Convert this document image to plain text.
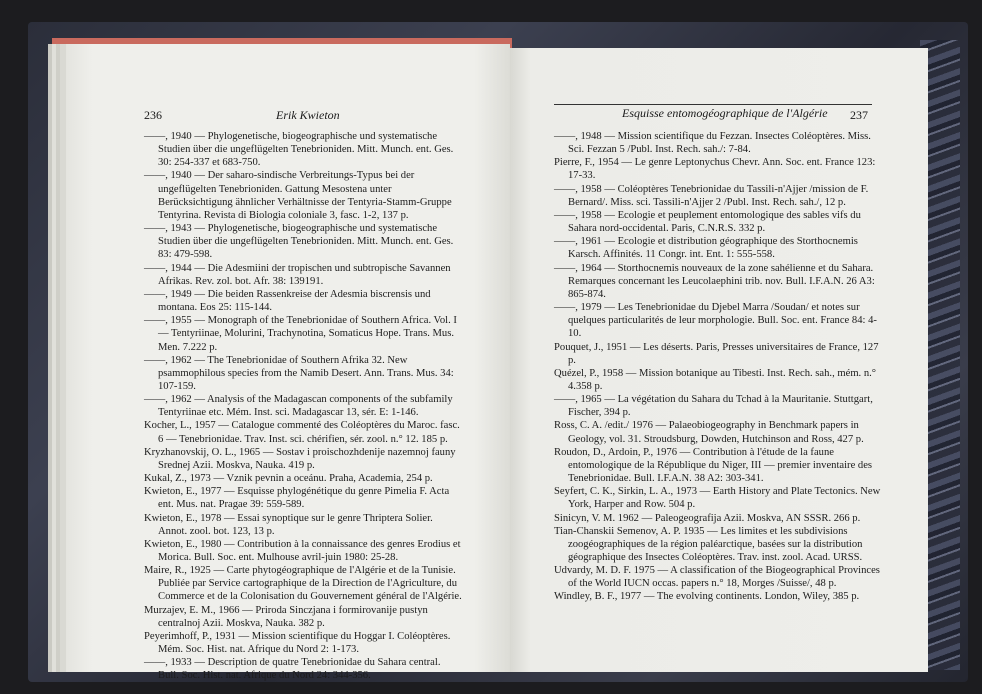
236	Erik Kwieton

——, 1940 — Phylogenetische, biogeographische und systematische Studien über die ungeflügelten Tenebrioniden. Mitt. Munch. ent. Ges. 30: 254-337 et 683-750.

——, 1940 — Der saharo-sindische Verbreitungs-Typus bei der ungeflügelten Tenebrioniden. Gattung Mesostena unter Berücksichtigung ähnlicher Verhältnisse der Tentyria-Stamm-Gruppe Tentyrina. Revista di Biologia coloniale 3, fasc. 1-2, 137 p.

——, 1943 — Phylogenetische, biogeographische und systematische Studien über die ungeflügelten Tenebrioniden. Mitt. Munch. ent. Ges. 83: 479-598.

——, 1944 — Die Adesmiini der tropischen und subtropische Savannen Afrikas. Rev. zol. bot. Afr. 38: 139191.

——, 1949 — Die beiden Rassenkreise der Adesmia biscrensis und montana. Eos 25: 115-144.

——, 1955 — Monograph of the Tenebrionidae of Southern Africa. Vol. I — Tentyriinae, Molurini, Trachynotina, Somaticus Hope. Trans. Mus. Men. 7.222 p.

——, 1962 — The Tenebrionidae of Southern Afrika 32. New psammophilous species from the Namib Desert. Ann. Trans. Mus. 34: 107-159.

——, 1962 — Analysis of the Madagascan components of the subfamily Tentyriinae etc. Mém. Inst. sci. Madagascar 13, sér. E: 1-146.

Kocher, L., 1957 — Catalogue commenté des Coléoptères du Maroc. fasc. 6 — Tenebrionidae. Trav. Inst. sci. chérifien, sér. zool. n.° 12. 185 p.

Kryzhanovskij, O. L., 1965 — Sostav i proischozhdenije nazemnoj fauny Srednej Azii. Moskva, Nauka. 419 p.

Kukal, Z., 1973 — Vznik pevnin a oceánu. Praha, Academia, 254 p.

Kwieton, E., 1977 — Esquisse phylogénétique du genre Pimelia F. Acta ent. Mus. nat. Pragae 39: 559-589.

Kwieton, E., 1978 — Essai synoptique sur le genre Thriptera Solier. Annot. zool. bot. 123, 13 p.

Kwieton, E., 1980 — Contribution à la connaissance des genres Erodius et Morica. Bull. Soc. ent. Mulhouse avril-juin 1980: 25-28.

Maire, R., 1925 — Carte phytogéographique de l'Algérie et de la Tunisie. Publiée par Service cartographique de la Direction de l'Agriculture, du Commerce et de la Colonisation du Gouvernement général de l'Algérie.

Murzajev, E. M., 1966 — Priroda Sinczjana i formirovanije pustyn centralnoj Azii. Moskva, Nauka. 382 p.

Peyerimhoff, P., 1931 — Mission scientifique du Hoggar I. Coléoptères. Mém. Soc. Hist. nat. Afrique du Nord 2: 1-173.

——, 1933 — Description de quatre Tenebrionidae du Sahara central. Bull. Soc. Hist. nat. Afrique du Nord 24: 344-356.

Esquisse entomogéographique de l'Algérie 237

——, 1948 — Mission scientifique du Fezzan. Insectes Coléoptères. Miss. Sci. Fezzan 5 /Publ. Inst. Rech. sah./: 7-84.

Pierre, F., 1954 — Le genre Leptonychus Chevr. Ann. Soc. ent. France 123: 17-33.

——, 1958 — Coléoptères Tenebrionidae du Tassili-n'Ajjer /mission de F. Bernard/. Miss. sci. Tassili-n'Ajjer 2 /Publ. Inst. Rech. sah./, 12 p.

——, 1958 — Ecologie et peuplement entomologique des sables vifs du Sahara nord-occidental. Paris, C.N.R.S. 332 p.

——, 1961 — Ecologie et distribution géographique des Storthocnemis Karsch. Affinités. 11 Congr. int. Ent. 1: 555-558.

——, 1964 — Storthocnemis nouveaux de la zone sahélienne et du Sahara. Remarques concernant les Leucolaephini trib. nov. Bull. I.F.A.N. 26 A3: 865-874.

——, 1979 — Les Tenebrionidae du Djebel Marra /Soudan/ et notes sur quelques particularités de leur morphologie. Bull. Soc. ent. France 84: 4-10.

Pouquet, J., 1951 — Les déserts. Paris, Presses universitaires de France, 127 p.

Quézel, P., 1958 — Mission botanique au Tibesti. Inst. Rech. sah., mém. n.° 4.358 p.

——, 1965 — La végétation du Sahara du Tchad à la Mauritanie. Stuttgart, Fischer, 394 p.

Ross, C. A. /edit./ 1976 — Palaeobiogeography in Benchmark papers in Geology, vol. 31. Stroudsburg, Dowden, Hutchinson and Ross, 427 p.

Roudon, D., Ardoin, P., 1976 — Contribution à l'étude de la faune entomologique de la République du Niger, III — premier inventaire des Tenebrionidae. Bull. I.F.A.N. 38 A2: 303-341.

Seyfert, C. K., Sirkin, L. A., 1973 — Earth History and Plate Tectonics. New York, Harper and Row. 504 p.

Sinicyn, V. M. 1962 — Paleogeografija Azii. Moskva, AN SSSR. 266 p.

Tian-Chanskii Semenov, A. P. 1935 — Les limites et les subdivisions zoogéographiques de la région paléarctique, basées sur la distribution géographique des Insectes Coléoptères. Trav. inst. zool. Acad. URSS.

Udvardy, M. D. F. 1975 — A classification of the Biogeographical Provinces of the World IUCN occas. papers n.° 18, Morges /Suisse/, 48 p.

Windley, B. F., 1977 — The evolving continents. London, Wiley, 385 p.
